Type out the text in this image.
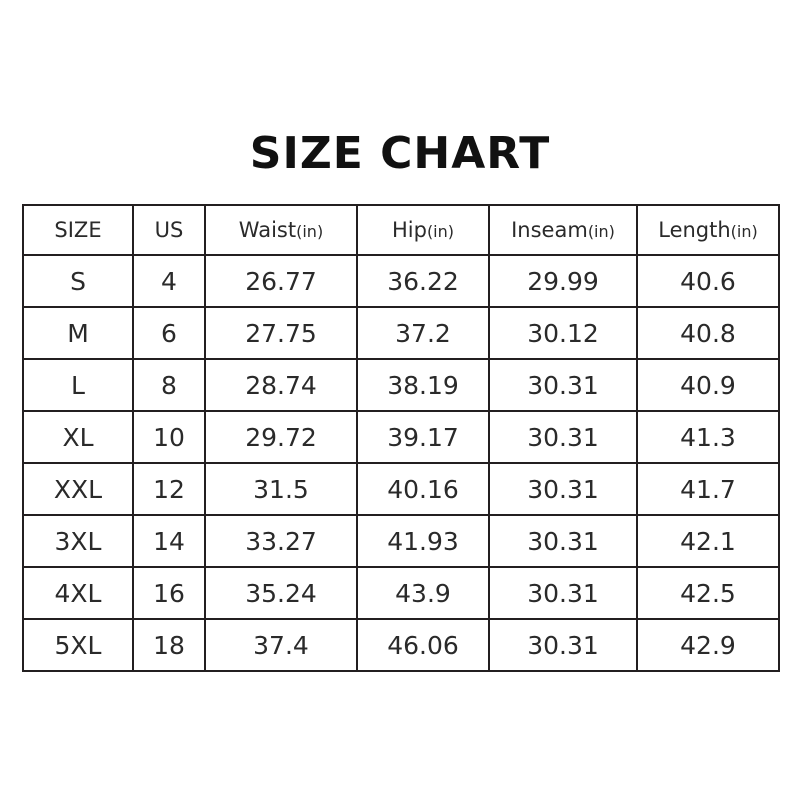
SIZE CHART
SIZE	US	Waist(in)	Hip(in)	Inseam(in)	Length(in)
S	4	26.77	36.22	29.99	40.6
M	6	27.75	37.2	30.12	40.8
L	8	28.74	38.19	30.31	40.9
XL	10	29.72	39.17	30.31	41.3
XXL	12	31.5	40.16	30.31	41.7
3XL	14	33.27	41.93	30.31	42.1
4XL	16	35.24	43.9	30.31	42.5
5XL	18	37.4	46.06	30.31	42.9
